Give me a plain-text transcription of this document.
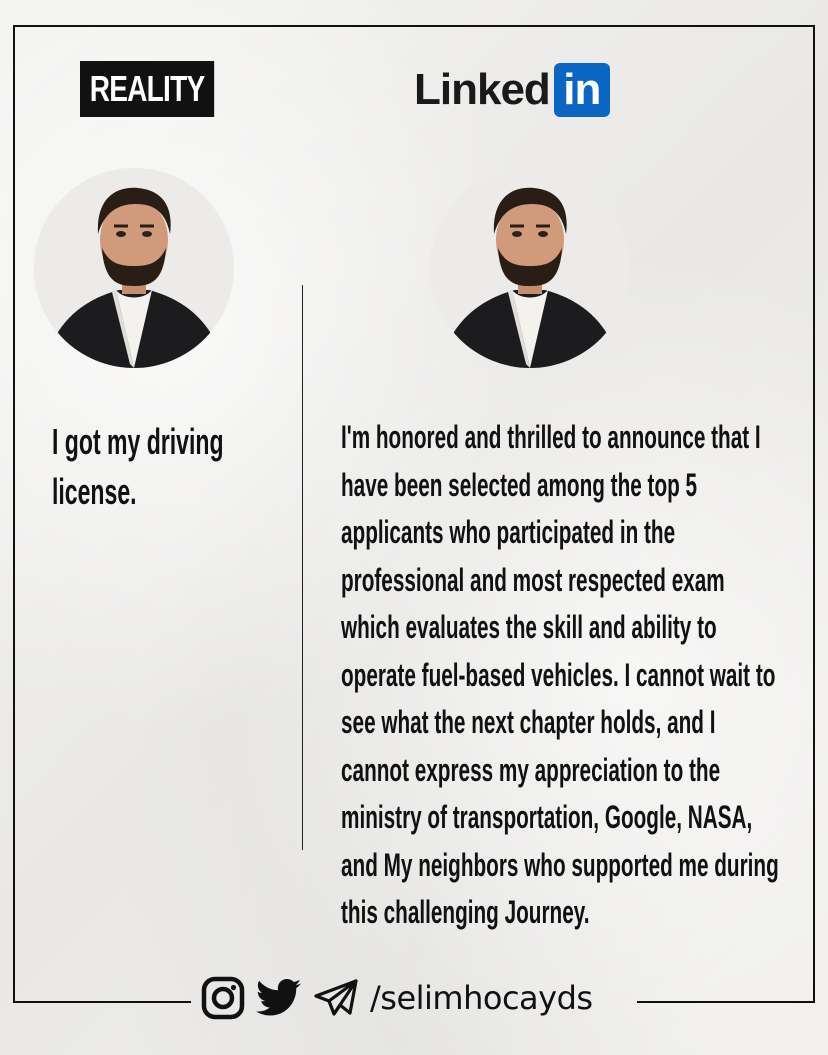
REALITY	Linked in
I got my driving license.
I'm honored and thrilled to announce that I have been selected among the top 5 applicants who participated in the professional and most respected exam which evaluates the skill and ability to operate fuel-based vehicles. I cannot wait to see what the next chapter holds, and I cannot express my appreciation to the ministry of transportation, Google, NASA, and My neighbors who supported me during this challenging Journey.
/selimhocayds
